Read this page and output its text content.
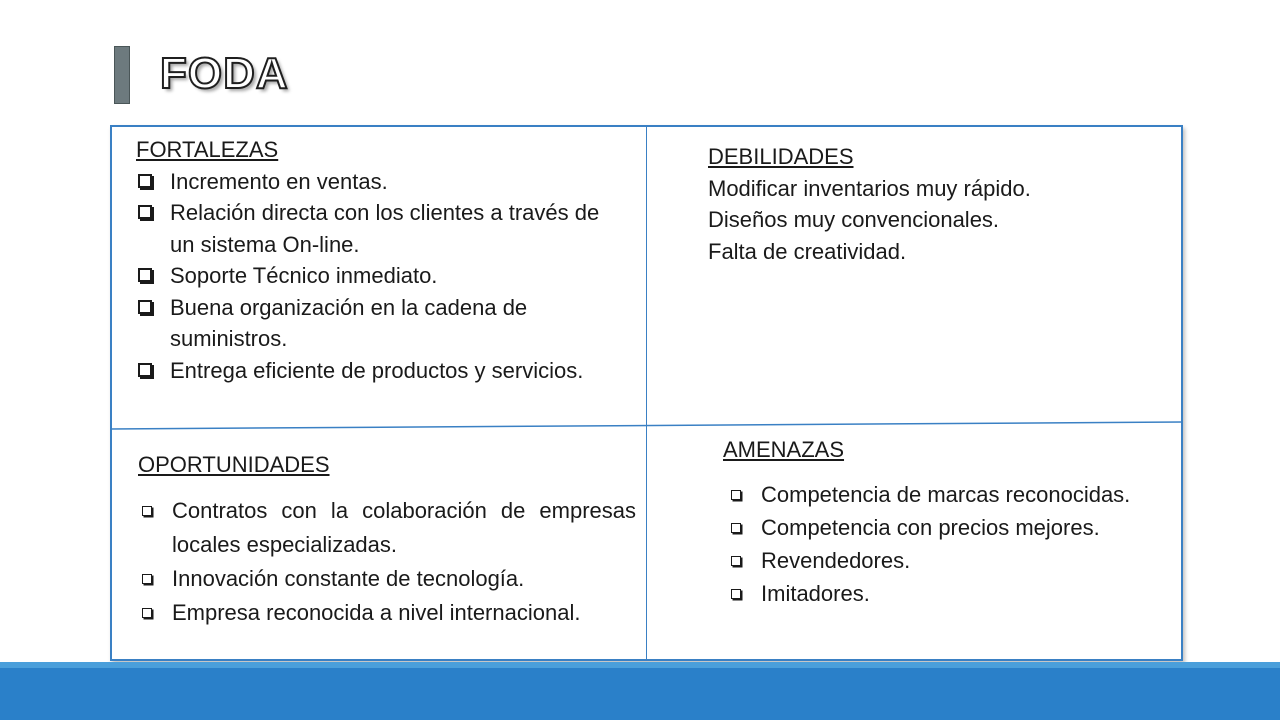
FODA

FORTALEZAS

Incremento en ventas.
Relación directa con los clientes a través de un sistema On-line.
Soporte Técnico inmediato.
Buena organización en la cadena de suministros.
Entrega eficiente de productos y servicios.

DEBILIDADES

Modificar inventarios muy rápido.
Diseños muy convencionales.
Falta de creatividad.

OPORTUNIDADES

Contratos con la colaboración de empresas locales especializadas.
Innovación constante de tecnología.
Empresa reconocida a nivel internacional.

AMENAZAS

Competencia de marcas reconocidas.
Competencia con precios mejores.
Revendedores.
Imitadores.
